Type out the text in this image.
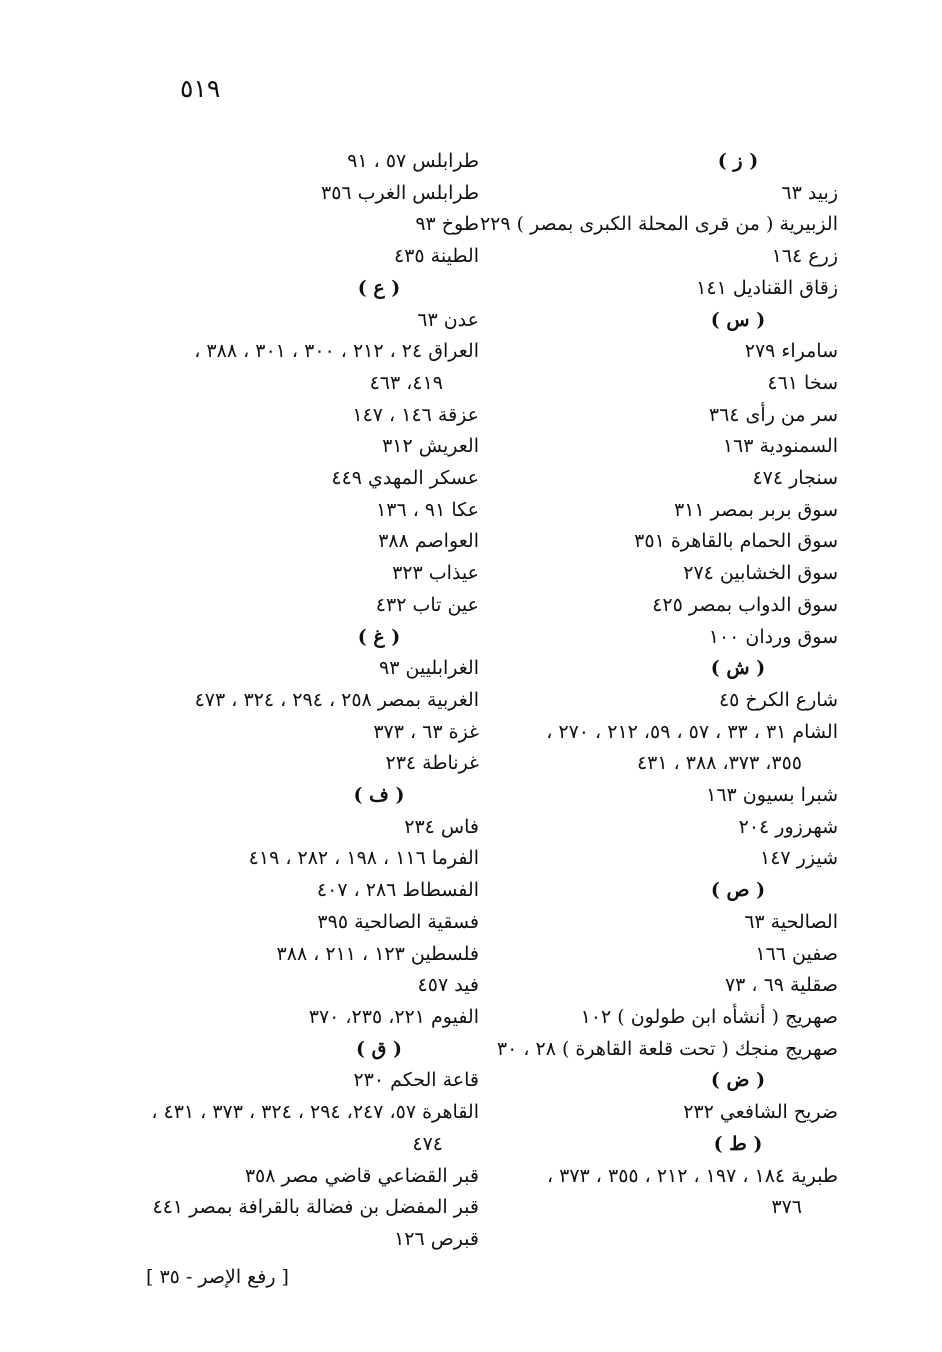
٥١٩
( ز )
زبيد ٦٣
الزبيرية ( من قرى المحلة الكبرى بمصر ) ٢٢٩
زرع ١٦٤
زقاق القناديل ١٤١
( س )
سامراء ٢٧٩
سخا ٤٦١
سر من رأى ٣٦٤
السمنودية ١٦٣
سنجار ٤٧٤
سوق بربر بمصر ٣١١
سوق الحمام بالقاهرة ٣٥١
سوق الخشابين ٢٧٤
سوق الدواب بمصر ٤٢٥
سوق وردان ١٠٠
( ش )
شارع الكرخ ٤٥
الشام ٣١ ، ٣٣ ، ٥٧ ، ٥٩، ٢١٢ ، ٢٧٠ ،
٣٥٥، ٣٧٣، ٣٨٨ ، ٤٣١
شبرا بسيون ١٦٣
شهرزور ٢٠٤
شيزر ١٤٧
( ص )
الصالحية ٦٣
صفين ١٦٦
صقلية ٦٩ ، ٧٣
صهريج ( أنشأه ابن طولون ) ١٠٢
صهريج منجك ( تحت قلعة القاهرة ) ٢٨ ، ٣٠
( ض )
ضريح الشافعي ٢٣٢
( ط )
طبرية ١٨٤ ، ١٩٧ ، ٢١٢ ، ٣٥٥ ، ٣٧٣ ،
٣٧٦
طرابلس ٥٧ ، ٩١
طرابلس الغرب ٣٥٦
طوخ ٩٣
الطينة ٤٣٥
( ع )
عدن ٦٣
العراق ٢٤ ، ٢١٢ ، ٣٠٠ ، ٣٠١ ، ٣٨٨ ،
٤١٩، ٤٦٣
عزقة ١٤٦ ، ١٤٧
العريش ٣١٢
عسكر المهدي ٤٤٩
عكا ٩١ ، ١٣٦
العواصم ٣٨٨
عيذاب ٣٢٣
عين تاب ٤٣٢
( غ )
الغرابليين ٩٣
الغربية بمصر ٢٥٨ ، ٢٩٤ ، ٣٢٤ ، ٤٧٣
غزة ٦٣ ، ٣٧٣
غرناطة ٢٣٤
( ف )
فاس ٢٣٤
الفرما ١١٦ ، ١٩٨ ، ٢٨٢ ، ٤١٩
الفسطاط ٢٨٦ ، ٤٠٧
فسقية الصالحية ٣٩٥
فلسطين ١٢٣ ، ٢١١ ، ٣٨٨
فيد ٤٥٧
الفيوم ٢٢١، ٢٣٥، ٣٧٠
( ق )
قاعة الحكم ٢٣٠
القاهرة ٥٧، ٢٤٧، ٢٩٤ ، ٣٢٤ ، ٣٧٣ ، ٤٣١ ،
٤٧٤
قبر القضاعي قاضي مصر ٣٥٨
قبر المفضل بن فضالة بالقرافة بمصر ٤٤١
قبرص ١٢٦
[ رفع الإصر - ٣٥ ]
